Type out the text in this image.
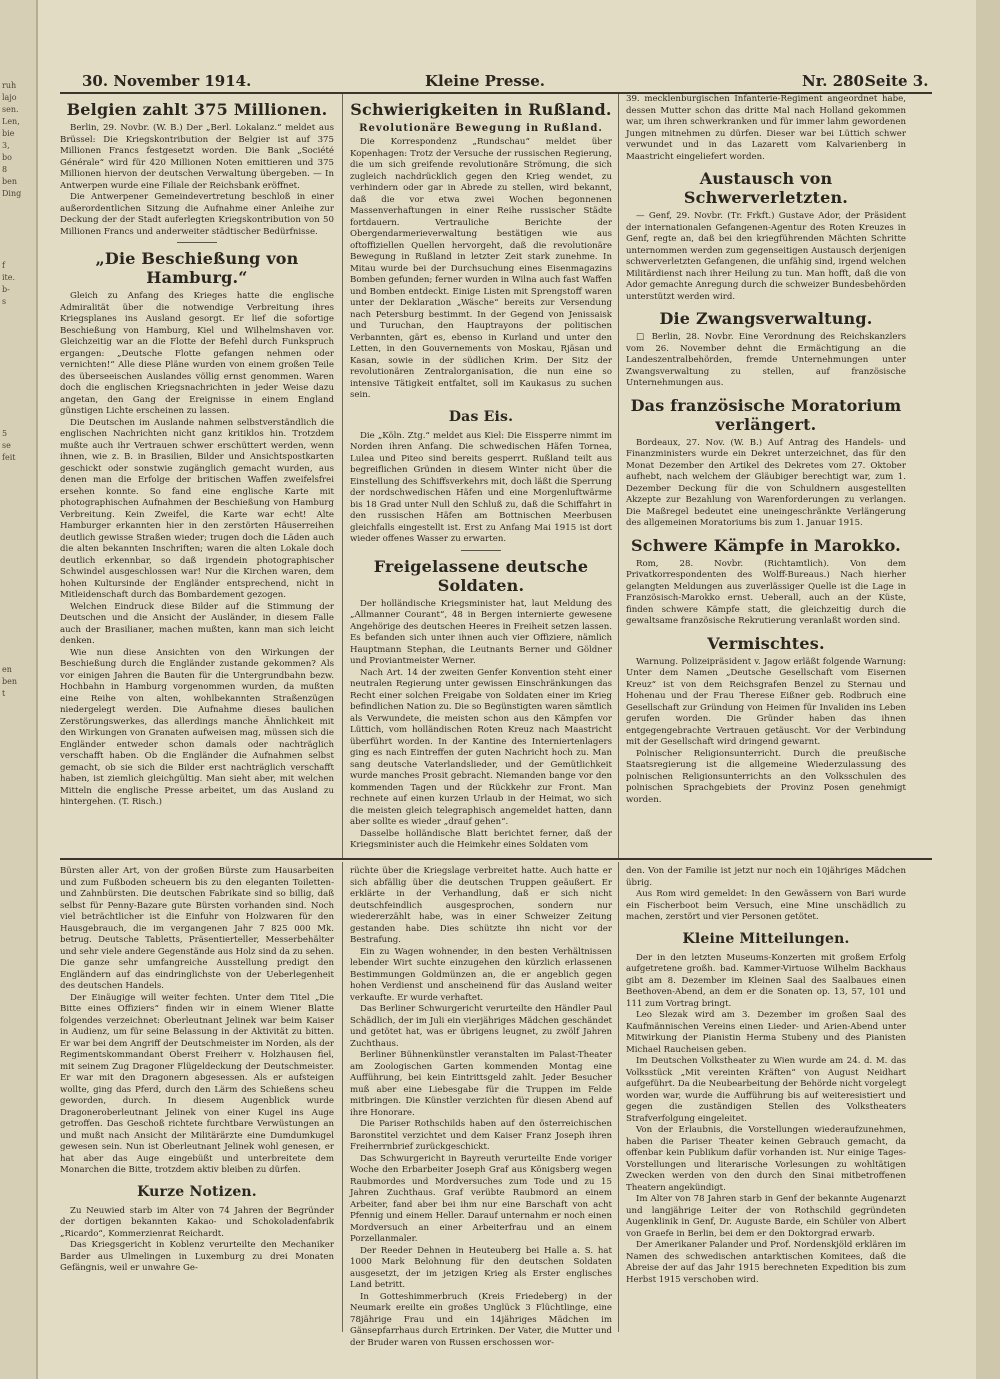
ruh
lajo
sen.
Len,
bie
3,
bo
8
ben
Ding
f
ite.
b-
s
5
se
feit
en
ben
t
30. November 1914.	Kleine Presse.	Nr. 280.
Seite 3.
Belgien zahlt 375 Millionen.

Berlin, 29. Novbr. (W. B.) Der „Berl. Lokalanz.“ meldet aus Brüssel: Die Kriegskontribution der Belgier ist auf 375 Millionen Francs festgesetzt worden. Die Bank „Société Générale“ wird für 420 Millionen Noten emittieren und 375 Millionen hiervon der deutschen Verwaltung übergeben. — In Antwerpen wurde eine Filiale der Reichsbank eröffnet.

Die Antwerpener Gemeindevertretung beschloß in einer außerordentlichen Sitzung die Aufnahme einer Anleihe zur Deckung der der Stadt auferlegten Kriegskontribution von 50 Millionen Francs und anderweiter städtischer Bedürfnisse.

„Die Beschießung von Hamburg.“

Gleich zu Anfang des Krieges hatte die englische Admiralität über die notwendige Verbreitung ihres Kriegsplanes ins Ausland gesorgt. Er lief die sofortige Beschießung von Hamburg, Kiel und Wilhelmshaven vor. Gleichzeitig war an die Flotte der Befehl durch Funkspruch ergangen: „Deutsche Flotte gefangen nehmen oder vernichten!“ Alle diese Pläne wurden von einem großen Teile des überseeischen Auslandes völlig ernst genommen. Waren doch die englischen Kriegsnachrichten in jeder Weise dazu angetan, den Gang der Ereignisse in einem England günstigen Lichte erscheinen zu lassen.

Die Deutschen im Auslande nahmen selbstverständlich die englischen Nachrichten nicht ganz kritiklos hin. Trotzdem mußte auch ihr Vertrauen schwer erschüttert werden, wenn ihnen, wie z. B. in Brasilien, Bilder und Ansichtspostkarten geschickt oder sonstwie zugänglich gemacht wurden, aus denen man die Erfolge der britischen Waffen zweifelsfrei ersehen konnte. So fand eine englische Karte mit photographischen Aufnahmen der Beschießung von Hamburg Verbreitung. Kein Zweifel, die Karte war echt! Alte Hamburger erkannten hier in den zerstörten Häuserreihen deutlich gewisse Straßen wieder; trugen doch die Läden auch die alten bekannten Inschriften; waren die alten Lokale doch deutlich erkennbar, so daß irgendein photographischer Schwindel ausgeschlossen war! Nur die Kirchen waren, dem hohen Kultursinde der Engländer entsprechend, nicht in Mitleidenschaft durch das Bombardement gezogen.

Welchen Eindruck diese Bilder auf die Stimmung der Deutschen und die Ansicht der Ausländer, in diesem Falle auch der Brasilianer, machen mußten, kann man sich leicht denken.

Wie nun diese Ansichten von den Wirkungen der Beschießung durch die Engländer zustande gekommen? Als vor einigen Jahren die Bauten für die Untergrundbahn bezw. Hochbahn in Hamburg vorgenommen wurden, da mußten eine Reihe von alten, wohlbekannten Straßenzügen niedergelegt werden. Die Aufnahme dieses baulichen Zerstörungswerkes, das allerdings manche Ähnlichkeit mit den Wirkungen von Granaten aufweisen mag, müssen sich die Engländer entweder schon damals oder nachträglich verschafft haben. Ob die Engländer die Aufnahmen selbst gemacht, ob sie sich die Bilder erst nachträglich verschafft haben, ist ziemlich gleichgültig. Man sieht aber, mit welchen Mitteln die englische Presse arbeitet, um das Ausland zu hintergehen. (T. Risch.)

Schwierigkeiten in Rußland.
Revolutionäre Bewegung in Rußland.

Die Korrespondenz „Rundschau“ meldet über Kopenhagen: Trotz der Versuche der russischen Regierung, die um sich greifende revolutionäre Strömung, die sich zugleich nachdrücklich gegen den Krieg wendet, zu verhindern oder gar in Abrede zu stellen, wird bekannt, daß die vor etwa zwei Wochen begonnenen Massenverhaftungen in einer Reihe russischer Städte fortdauern. Vertrauliche Berichte der Obergendarmerieverwaltung bestätigen wie aus oftoffiziellen Quellen hervorgeht, daß die revolutionäre Bewegung in Rußland in letzter Zeit stark zunehme. In Mitau wurde bei der Durchsuchung eines Eisenmagazins Bomben gefunden; ferner wurden in Wilna auch fast Waffen und Bomben entdeckt. Einige Listen mit Sprengstoff waren unter der Deklaration „Wäsche“ bereits zur Versendung nach Petersburg bestimmt. In der Gegend von Jenissaisk und Turuchan, den Hauptrayons der politischen Verbannten, gärt es, ebenso in Kurland und unter den Letten, in den Gouvernements von Moskau, Rjäsan und Kasan, sowie in der südlichen Krim. Der Sitz der revolutionären Zentralorganisation, die nun eine so intensive Tätigkeit entfaltet, soll im Kaukasus zu suchen sein.

Das Eis.

Die „Köln. Ztg.“ meldet aus Kiel: Die Eissperre nimmt im Norden ihren Anfang. Die schwedischen Häfen Tornea, Lulea und Piteo sind bereits gesperrt. Rußland teilt aus begreiflichen Gründen in diesem Winter nicht über die Einstellung des Schiffsverkehrs mit, doch läßt die Sperrung der nordschwedischen Häfen und eine Morgenluftwärme bis 18 Grad unter Null den Schluß zu, daß die Schiffahrt in den russischen Häfen am Bottnischen Meerbusen gleichfalls eingestellt ist. Erst zu Anfang Mai 1915 ist dort wieder offenes Wasser zu erwarten.

Freigelassene deutsche Soldaten.

Der holländische Kriegsminister hat, laut Meldung des „Allmanner Courant“, 48 in Bergen internierte gewesene Angehörige des deutschen Heeres in Freiheit setzen lassen. Es befanden sich unter ihnen auch vier Offiziere, nämlich Hauptmann Stephan, die Leutnants Berner und Göldner und Proviantmeister Werner.

Nach Art. 14 der zweiten Genfer Konvention steht einer neutralen Regierung unter gewissen Einschränkungen das Recht einer solchen Freigabe von Soldaten einer im Krieg befindlichen Nation zu. Die so Begünstigten waren sämtlich als Verwundete, die meisten schon aus den Kämpfen vor Lüttich, vom holländischen Roten Kreuz nach Maastricht überführt worden. In der Kantine des Interniertenlagers ging es nach Eintreffen der guten Nachricht hoch zu. Man sang deutsche Vaterlandslieder, und der Gemütlichkeit wurde manches Prosit gebracht. Niemanden bange vor den kommenden Tagen und der Rückkehr zur Front. Man rechnete auf einen kurzen Urlaub in der Heimat, wo sich die meisten gleich telegraphisch angemeldet hatten, dann aber sollte es wieder „drauf gehen“.

Dasselbe holländische Blatt berichtet ferner, daß der Kriegsminister auch die Heimkehr eines Soldaten vom

39. mecklenburgischen Infanterie-Regiment angeordnet habe, dessen Mutter schon das dritte Mal nach Holland gekommen war, um ihren schwerkranken und für immer lahm gewordenen Jungen mitnehmen zu dürfen. Dieser war bei Lüttich schwer verwundet und in das Lazarett vom Kalvarienberg in Maastricht eingeliefert worden.

Austausch von Schwerverletzten.

— Genf, 29. Novbr. (Tr. Frkft.) Gustave Ador, der Präsident der internationalen Gefangenen-Agentur des Roten Kreuzes in Genf, regte an, daß bei den kriegführenden Mächten Schritte unternommen werden zum gegenseitigen Austausch derjenigen schwerverletzten Gefangenen, die unfähig sind, irgend welchen Militärdienst nach ihrer Heilung zu tun. Man hofft, daß die von Ador gemachte Anregung durch die schweizer Bundesbehörden unterstützt werden wird.

Die Zwangsverwaltung.

□ Berlin, 28. Novbr. Eine Verordnung des Reichskanzlers vom 26. November dehnt die Ermächtigung an die Landeszentralbehörden, fremde Unternehmungen unter Zwangsverwaltung zu stellen, auf französische Unternehmungen aus.

Das französische Moratorium verlängert.

Bordeaux, 27. Nov. (W. B.) Auf Antrag des Handels- und Finanzministers wurde ein Dekret unterzeichnet, das für den Monat Dezember den Artikel des Dekretes vom 27. Oktober aufhebt, nach welchem der Gläubiger berechtigt war, zum 1. Dezember Deckung für die von Schuldnern ausgestellten Akzepte zur Bezahlung von Warenforderungen zu verlangen. Die Maßregel bedeutet eine uneingeschränkte Verlängerung des allgemeinen Moratoriums bis zum 1. Januar 1915.

Schwere Kämpfe in Marokko.

Rom, 28. Novbr. (Richtamtlich). Von dem Privatkorrespondenten des Wolff-Bureaus.) Nach hierher gelangten Meldungen aus zuverlässiger Quelle ist die Lage in Französisch-Marokko ernst. Ueberall, auch an der Küste, finden schwere Kämpfe statt, die gleichzeitig durch die gewaltsame französische Rekrutierung veranlaßt worden sind.

Vermischtes.

Warnung. Polizeipräsident v. Jagow erläßt folgende Warnung: Unter dem Namen „Deutsche Gesellschaft vom Eisernen Kreuz“ ist von dem Reichsgrafen Benzel zu Sternau und Hohenau und der Frau Therese Eißner geb. Rodbruch eine Gesellschaft zur Gründung von Heimen für Invaliden ins Leben gerufen worden. Die Gründer haben das ihnen entgegengebrachte Vertrauen getäuscht. Vor der Verbindung mit der Gesellschaft wird dringend gewarnt.

Polnischer Religionsunterricht. Durch die preußische Staatsregierung ist die allgemeine Wiederzulassung des polnischen Religionsunterrichts an den Volksschulen des polnischen Sprachgebiets der Provinz Posen genehmigt worden.

Bürsten aller Art, von der großen Bürste zum Hausarbeiten und zum Fußboden scheuern bis zu den eleganten Toiletten- und Zahnbürsten. Die deutschen Fabrikate sind so billig, daß selbst für Penny-Bazare gute Bürsten vorhanden sind. Noch viel beträchtlicher ist die Einfuhr von Holzwaren für den Hausgebrauch, die im vergangenen Jahr 7 825 000 Mk. betrug. Deutsche Tabletts, Präsentierteller, Messerbehälter und sehr viele andere Gegenstände aus Holz sind da zu sehen. Die ganze sehr umfangreiche Ausstellung predigt den Engländern auf das eindringlichste von der Ueberlegenheit des deutschen Handels.

Der Einäugige will weiter fechten. Unter dem Titel „Die Bitte eines Offiziers“ finden wir in einem Wiener Blatte folgendes verzeichnet: Oberleutnant Jelinek war beim Kaiser in Audienz, um für seine Belassung in der Aktivität zu bitten. Er war bei dem Angriff der Deutschmeister im Norden, als der Regimentskommandant Oberst Freiherr v. Holzhausen fiel, mit seinem Zug Dragoner Flügeldeckung der Deutschmeister. Er war mit den Dragonern abgesessen. Als er aufsteigen wollte, ging das Pferd, durch den Lärm des Schießens scheu geworden, durch. In diesem Augenblick wurde Dragoneroberleutnant Jelinek von einer Kugel ins Auge getroffen. Das Geschoß richtete furchtbare Verwüstungen an und mußt nach Ansicht der Militärärzte eine Dumdumkugel gewesen sein. Nun ist Oberleutnant Jelinek wohl genesen, er hat aber das Auge eingebüßt und unterbreitete dem Monarchen die Bitte, trotzdem aktiv bleiben zu dürfen.

Kurze Notizen.

Zu Neuwied starb im Alter von 74 Jahren der Begründer der dortigen bekannten Kakao- und Schokoladenfabrik „Ricardo“, Kommerzienrat Reichardt.

Das Kriegsgericht in Koblenz verurteilte den Mechaniker Barder aus Ulmelingen in Luxemburg zu drei Monaten Gefängnis, weil er unwahre Ge-

rüchte über die Kriegslage verbreitet hatte. Auch hatte er sich abfällig über die deutschen Truppen geäußert. Er erklärte in der Verhandlung, daß er sich nicht deutschfeindlich ausgesprochen, sondern nur wiedererzählt habe, was in einer Schweizer Zeitung gestanden habe. Dies schützte ihn nicht vor der Bestrafung.

Ein zu Wagen wohnender, in den besten Verhältnissen lebender Wirt suchte einzugehen den kürzlich erlassenen Bestimmungen Goldmünzen an, die er angeblich gegen hohen Verdienst und anscheinend für das Ausland weiter verkaufte. Er wurde verhaftet.

Das Berliner Schwurgericht verurteilte den Händler Paul Schädlich, der im Juli ein vierjähriges Mädchen geschändet und getötet hat, was er übrigens leugnet, zu zwölf Jahren Zuchthaus.

Berliner Bühnenkünstler veranstalten im Palast-Theater am Zoologischen Garten kommenden Montag eine Aufführung, bei kein Eintrittsgeld zahlt. Jeder Besucher muß aber eine Liebesgabe für die Truppen im Felde mitbringen. Die Künstler verzichten für diesen Abend auf ihre Honorare.

Die Pariser Rothschilds haben auf den österreichischen Baronstitel verzichtet und dem Kaiser Franz Joseph ihren Freiherrnbrief zurückgeschickt.

Das Schwurgericht in Bayreuth verurteilte Ende voriger Woche den Erbarbeiter Joseph Graf aus Königsberg wegen Raubmordes und Mordversuches zum Tode und zu 15 Jahren Zuchthaus. Graf verübte Raubmord an einem Arbeiter, fand aber bei ihm nur eine Barschaft von acht Pfennig und einem Heller. Darauf unternahm er noch einen Mordversuch an einer Arbeiterfrau und an einem Porzellanmaler.

Der Reeder Dehnen in Heuteuberg bei Halle a. S. hat 1000 Mark Belohnung für den deutschen Soldaten ausgesetzt, der im jetzigen Krieg als Erster englisches Land betritt.

In Gotteshimmerbruch (Kreis Friedeberg) in der Neumark ereilte ein großes Unglück 3 Flüchtlinge, eine 78jährige Frau und ein 14jähriges Mädchen im Gänsepfarrhaus durch Ertrinken. Der Vater, die Mutter und der Bruder waren von Russen erschossen wor-

den. Von der Familie ist jetzt nur noch ein 10jähriges Mädchen übrig.

Aus Rom wird gemeldet: In den Gewässern von Bari wurde ein Fischerboot beim Versuch, eine Mine unschädlich zu machen, zerstört und vier Personen getötet.

Kleine Mitteilungen.

Der in den letzten Museums-Konzerten mit großem Erfolg aufgetretene großh. bad. Kammer-Virtuose Wilhelm Backhaus gibt am 8. Dezember im Kleinen Saal des Saalbaues einen Beethoven-Abend, an dem er die Sonaten op. 13, 57, 101 und 111 zum Vortrag bringt.

Leo Slezak wird am 3. Dezember im großen Saal des Kaufmännischen Vereins einen Lieder- und Arien-Abend unter Mitwirkung der Pianistin Herma Stubeny und des Pianisten Michael Raucheisen geben.

Im Deutschen Volkstheater zu Wien wurde am 24. d. M. das Volksstück „Mit vereinten Kräften“ von August Neidhart aufgeführt. Da die Neubearbeitung der Behörde nicht vorgelegt worden war, wurde die Aufführung bis auf weiteresistiert und gegen die zuständigen Stellen des Volkstheaters Strafverfolgung eingeleitet.

Von der Erlaubnis, die Vorstellungen wiederaufzunehmen, haben die Pariser Theater keinen Gebrauch gemacht, da offenbar kein Publikum dafür vorhanden ist. Nur einige Tages-Vorstellungen und literarische Vorlesungen zu wohltätigen Zwecken werden von den durch den Sinai mitbetroffenen Theatern angekündigt.

Im Alter von 78 Jahren starb in Genf der bekannte Augenarzt und langjährige Leiter der von Rothschild gegründeten Augenklinik in Genf, Dr. Auguste Barde, ein Schüler von Albert von Graefe in Berlin, bei dem er den Doktorgrad erwarb.

Der Amerikaner Palander und Prof. Nordenskjöld erklären im Namen des schwedischen antarktischen Komitees, daß die Abreise der auf das Jahr 1915 berechneten Expedition bis zum Herbst 1915 verschoben wird.
